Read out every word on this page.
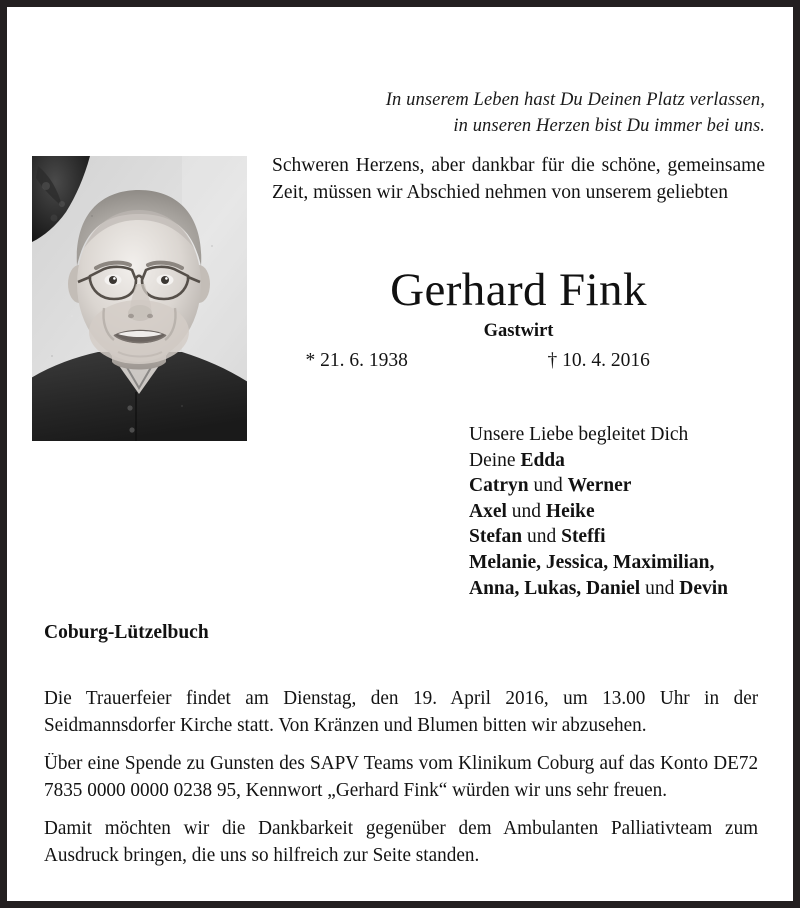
In unserem Leben hast Du Deinen Platz verlassen,
in unseren Herzen bist Du immer bei uns.
Schweren Herzens, aber dankbar für die schöne, gemeinsame Zeit, müssen wir Abschied nehmen von unserem geliebten
Gerhard Fink
Gastwirt
* 21. 6. 1938	† 10. 4. 2016
Unsere Liebe begleitet Dich
Deine Edda
Catryn und Werner
Axel und Heike
Stefan und Steffi
Melanie, Jessica, Maximilian,
Anna, Lukas, Daniel und Devin
Coburg-Lützelbuch

Die Trauerfeier findet am Dienstag, den 19. April 2016, um 13.00 Uhr in der Seidmannsdorfer Kirche statt. Von Kränzen und Blumen bitten wir abzusehen.

Über eine Spende zu Gunsten des SAPV Teams vom Klinikum Coburg auf das Konto DE72 7835 0000 0000 0238 95, Kennwort „Gerhard Fink“ würden wir uns sehr freuen.

Damit möchten wir die Dankbarkeit gegenüber dem Ambulanten Palliativteam zum Ausdruck bringen, die uns so hilfreich zur Seite standen.
